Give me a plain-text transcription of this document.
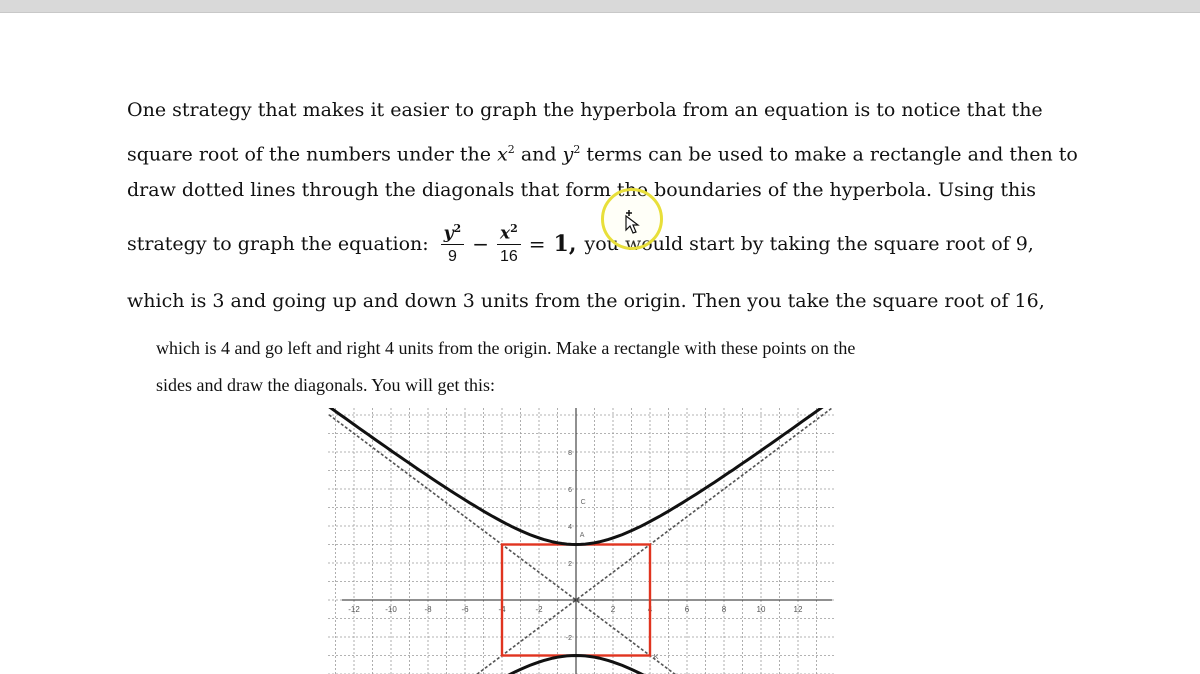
One strategy that makes it easier to graph the hyperbola from an equation is to notice that the
square root of the numbers under the $x^2$ and $y^2$ terms can be used to make a rectangle and then to
draw dotted lines through the diagonals that form the boundaries of the hyperbola. Using this
strategy to graph the equation: $\frac{y^2}{9} - \frac{x^2}{16} = 1$, you would start by taking the square root of 9,
which is 3 and going up and down 3 units from the origin. Then you take the square root of 16,
which is 4 and go left and right 4 units from the origin. Make a rectangle with these points on the
sides and draw the diagonals. You will get this:
-12	-10	-8	-6	-4	-2	2	4	6	8	10	12
8
6
4
2
-2
A
C
K
